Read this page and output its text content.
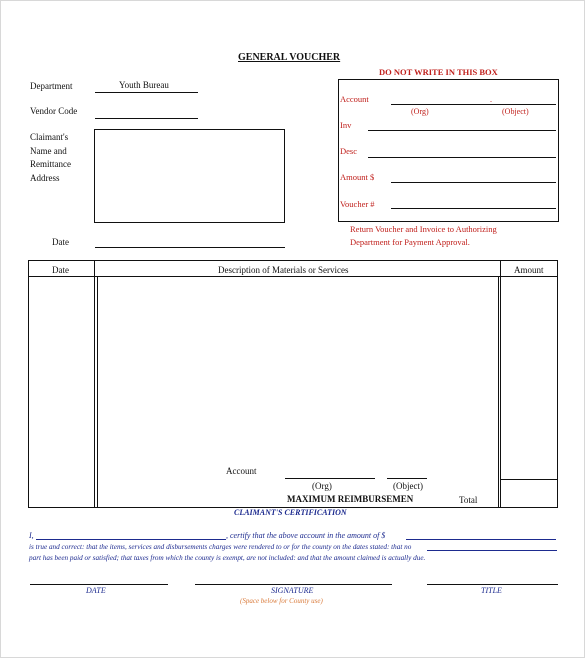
GENERAL VOUCHER
DO NOT WRITE IN THIS BOX
Department	Youth Bureau
Vendor Code
Claimant's
Name and
Remittance
Address
Date
Account	.
(Org)	(Object)
Inv
Desc
Amount $
Voucher #
Return Voucher and Invoice to Authorizing
Department for Payment Approval.
Date	Description of Materials or Services	Amount
Account
(Org)	(Object)
MAXIMUM REIMBURSEMEN	Total
CLAIMANT'S CERTIFICATION
I,	, certify that the above account in the amount of $
is true and correct: that the items, services and disbursements charges were rendered to or for the county on the dates stated: that no
part has been paid or satisfied; that taxes from which the county is exempt, are not included: and that the amount claimed is actually due.
DATE	SIGNATURE
(Space below for County use)
TITLE
